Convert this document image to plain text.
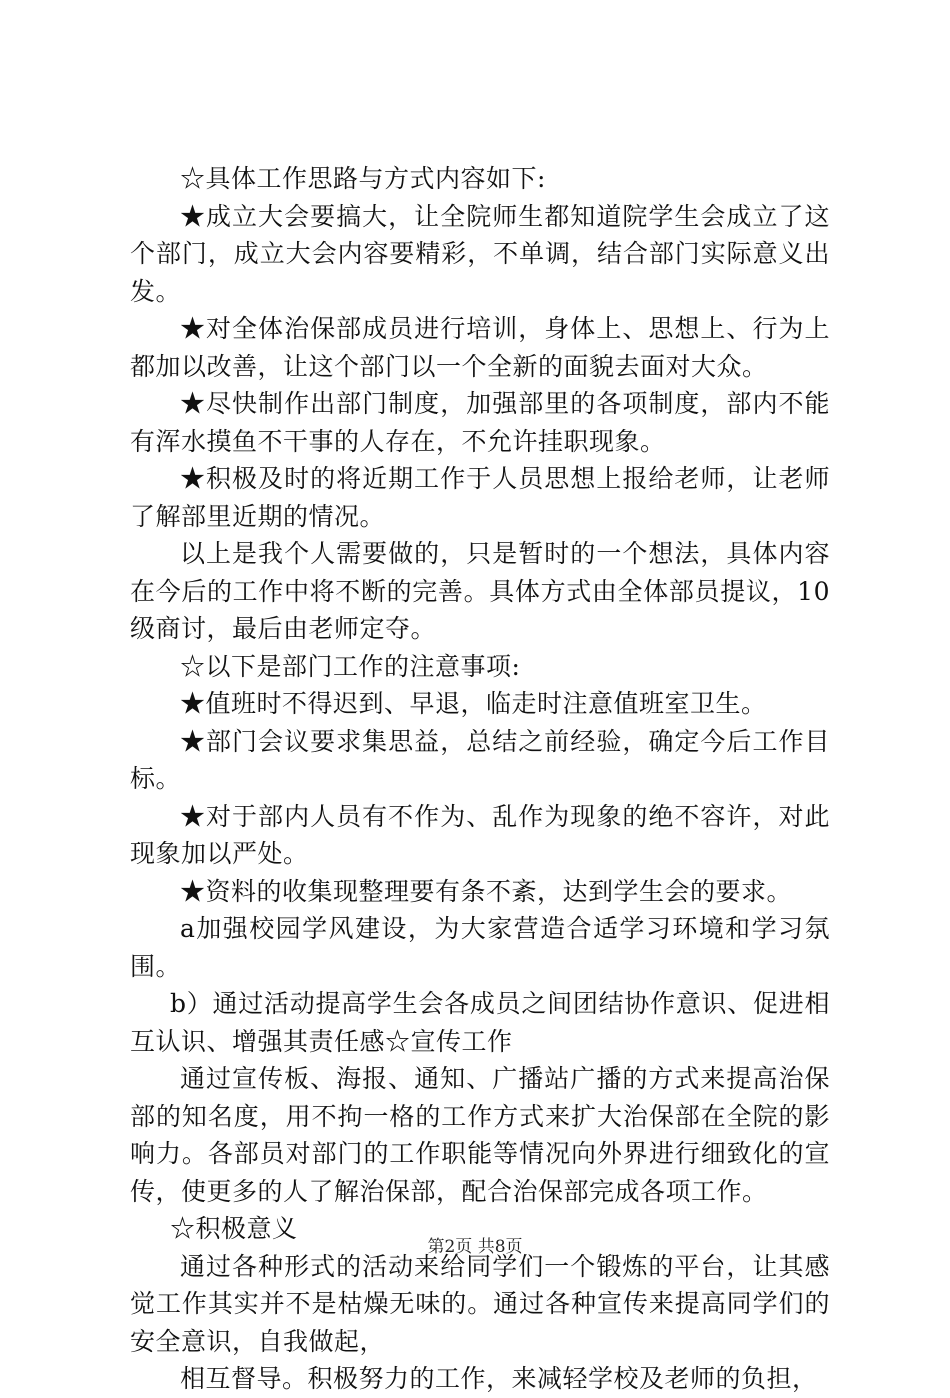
☆具体工作思路与方式内容如下:

★成立大会要搞大，让全院师生都知道院学生会成立了这个部门，成立大会内容要精彩，不单调，结合部门实际意义出发。

★对全体治保部成员进行培训，身体上、思想上、行为上都加以改善，让这个部门以一个全新的面貌去面对大众。

★尽快制作出部门制度，加强部里的各项制度，部内不能有浑水摸鱼不干事的人存在，不允许挂职现象。

★积极及时的将近期工作于人员思想上报给老师，让老师了解部里近期的情况。

以上是我个人需要做的，只是暂时的一个想法，具体内容在今后的工作中将不断的完善。具体方式由全体部员提议，10级商讨，最后由老师定夺。

☆以下是部门工作的注意事项:

★值班时不得迟到、早退，临走时注意值班室卫生。

★部门会议要求集思益，总结之前经验，确定今后工作目标。

★对于部内人员有不作为、乱作为现象的绝不容许，对此现象加以严处。

★资料的收集现整理要有条不紊，达到学生会的要求。

a加强校园学风建设，为大家营造合适学习环境和学习氛围。

b）通过活动提高学生会各成员之间团结协作意识、促进相互认识、增强其责任感☆宣传工作

通过宣传板、海报、通知、广播站广播的方式来提高治保部的知名度，用不拘一格的工作方式来扩大治保部在全院的影响力。各部员对部门的工作职能等情况向外界进行细致化的宣传，使更多的人了解治保部，配合治保部完成各项工作。

☆积极意义

通过各种形式的活动来给同学们一个锻炼的平台，让其感觉工作其实并不是枯燥无味的。通过各种宣传来提高同学们的安全意识，自我做起，

相互督导。积极努力的工作，来减轻学校及老师的负担，

第2页 共8页
